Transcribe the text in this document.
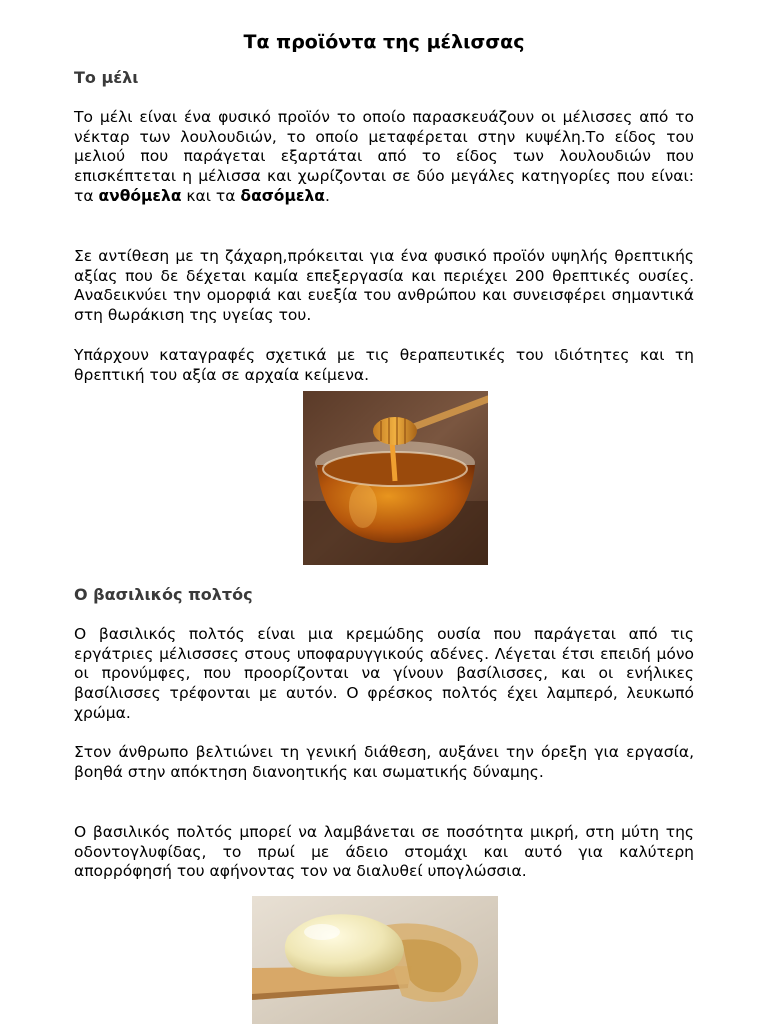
Τα προϊόντα της μέλισσας
Το μέλι

Το μέλι είναι ένα φυσικό προϊόν το οποίο παρασκευάζουν οι μέλισσες από το νέκταρ των λουλουδιών, το οποίο μεταφέρεται στην κυψέλη.Το είδος του μελιού που παράγεται εξαρτάται από το είδος των λουλουδιών που επισκέπτεται η μέλισσα και χωρίζονται σε δύο μεγάλες κατηγορίες που είναι: τα ανθόμελα και τα δασόμελα.

Σε αντίθεση με τη ζάχαρη,πρόκειται για ένα φυσικό προϊόν υψηλής θρεπτικής αξίας που δε δέχεται καμία επεξεργασία και περιέχει 200 θρεπτικές ουσίες. Αναδεικνύει την ομορφιά και ευεξία του ανθρώπου και συνεισφέρει σημαντικά στη θωράκιση της υγείας του.

Υπάρχουν καταγραφές σχετικά με τις θεραπευτικές του ιδιότητες και τη θρεπτική του αξία σε αρχαία κείμενα.

Ο βασιλικός πολτός

Ο βασιλικός πολτός είναι μια κρεμώδης ουσία που παράγεται από τις εργάτριες μέλισσσες στους υποφαρυγγικούς αδένες. Λέγεται έτσι επειδή μόνο οι προνύμφες, που προορίζονται να γίνουν βασίλισσες, και οι ενήλικες βασίλισσες τρέφονται με αυτόν. Ο φρέσκος πολτός έχει λαμπερό, λευκωπό χρώμα.

Στον άνθρωπο βελτιώνει τη γενική διάθεση, αυξάνει την όρεξη για εργασία, βοηθά στην απόκτηση διανοητικής και σωματικής δύναμης.

Ο βασιλικός πολτός μπορεί να λαμβάνεται σε ποσότητα μικρή, στη μύτη της οδοντογλυφίδας, το πρωί με άδειο στομάχι και αυτό για καλύτερη απορρόφησή του αφήνοντας τον να διαλυθεί υπογλώσσια.
